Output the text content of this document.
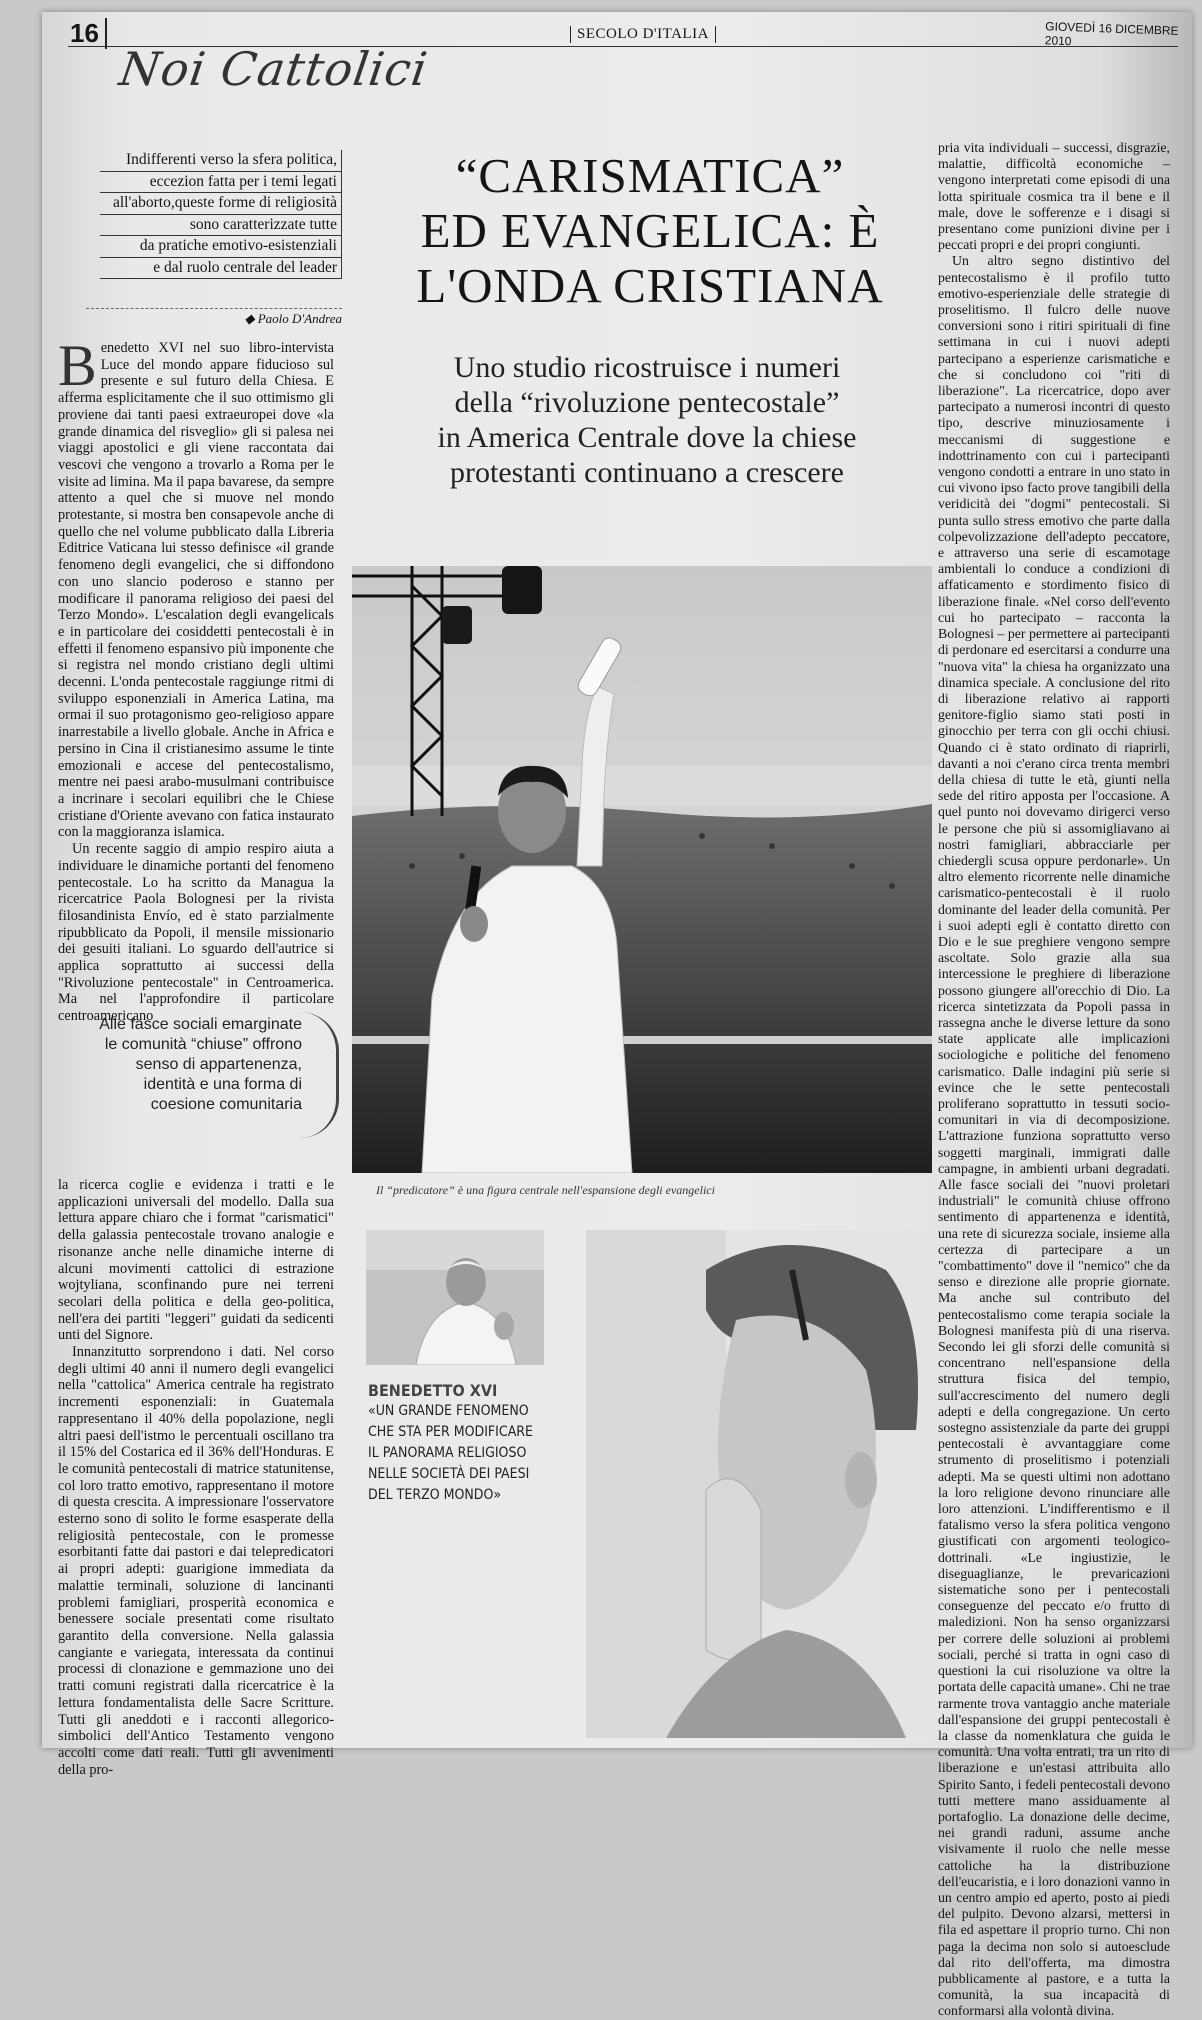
16
Noi Cattolici
SECOLO D'ITALIA	GIOVEDÌ 16 DICEMBRE 2010
Indifferenti verso la sfera politica,
eccezion fatta per i temi legati
all'aborto,queste forme di religiosità
sono caratterizzate tutte
da pratiche emotivo-esistenziali
e dal ruolo centrale del leader
◆ Paolo D'Andrea

Benedetto XVI nel suo libro-intervista Luce del mondo appare fiducioso sul presente e sul futuro della Chiesa. E afferma esplicitamente che il suo ottimismo gli proviene dai tanti paesi extraeuropei dove «la grande dinamica del risveglio» gli si palesa nei viaggi apostolici e gli viene raccontata dai vescovi che vengono a trovarlo a Roma per le visite ad limina. Ma il papa bavarese, da sempre attento a quel che si muove nel mondo protestante, si mostra ben consapevole anche di quello che nel volume pubblicato dalla Libreria Editrice Vaticana lui stesso definisce «il grande fenomeno degli evangelici, che si diffondono con uno slancio poderoso e stanno per modificare il panorama religioso dei paesi del Terzo Mondo». L'escalation degli evangelicals e in particolare dei cosiddetti pentecostali è in effetti il fenomeno espansivo più imponente che si registra nel mondo cristiano degli ultimi decenni. L'onda pentecostale raggiunge ritmi di sviluppo esponenziali in America Latina, ma ormai il suo protagonismo geo-religioso appare inarrestabile a livello globale. Anche in Africa e persino in Cina il cristianesimo assume le tinte emozionali e accese del pentecostalismo, mentre nei paesi arabo-musulmani contribuisce a incrinare i secolari equilibri che le Chiese cristiane d'Oriente avevano con fatica instaurato con la maggioranza islamica.

Un recente saggio di ampio respiro aiuta a individuare le dinamiche portanti del fenomeno pentecostale. Lo ha scritto da Managua la ricercatrice Paola Bolognesi per la rivista filosandinista Envío, ed è stato parzialmente ripubblicato da Popoli, il mensile missionario dei gesuiti italiani. Lo sguardo dell'autrice si applica soprattutto ai successi della "Rivoluzione pentecostale" in Centroamerica. Ma nel l'approfondire il particolare centroamericano

Alle fasce sociali emarginate le comunità “chiuse” offrono senso di appartenenza, identità e una forma di coesione comunitaria

la ricerca coglie e evidenza i tratti e le applicazioni universali del modello. Dalla sua lettura appare chiaro che i format "carismatici" della galassia pentecostale trovano analogie e risonanze anche nelle dinamiche interne di alcuni movimenti cattolici di estrazione wojtyliana, sconfinando pure nei terreni secolari della politica e della geo-politica, nell'era dei partiti "leggeri" guidati da sedicenti unti del Signore.

Innanzitutto sorprendono i dati. Nel corso degli ultimi 40 anni il numero degli evangelici nella "cattolica" America centrale ha registrato incrementi esponenziali: in Guatemala rappresentano il 40% della popolazione, negli altri paesi dell'istmo le percentuali oscillano tra il 15% del Costarica ed il 36% dell'Honduras. E le comunità pentecostali di matrice statunitense, col loro tratto emotivo, rappresentano il motore di questa crescita. A impressionare l'osservatore esterno sono di solito le forme esasperate della religiosità pentecostale, con le promesse esorbitanti fatte dai pastori e dai telepredicatori ai propri adepti: guarigione immediata da malattie terminali, soluzione di lancinanti problemi famigliari, prosperità economica e benessere sociale presentati come risultato garantito della conversione. Nella galassia cangiante e variegata, interessata da continui processi di clonazione e gemmazione uno dei tratti comuni registrati dalla ricercatrice è la lettura fondamentalista delle Sacre Scritture. Tutti gli aneddoti e i racconti allegorico-simbolici dell'Antico Testamento vengono accolti come dati reali. Tutti gli avvenimenti della pro-

“CARISMATICA”
ED EVANGELICA: È
L'ONDA CRISTIANA
Uno studio ricostruisce i numeri
della “rivoluzione pentecostale”
in America Centrale dove la chiese
protestanti continuano a crescere
Il “predicatore” è una figura centrale nell'espansione degli evangelici
BENEDETTO XVI
«UN GRANDE FENOMENO CHE STA PER MODIFICARE IL PANORAMA RELIGIOSO NELLE SOCIETÀ DEI PAESI DEL TERZO MONDO»

pria vita individuali – successi, disgrazie, malattie, difficoltà economiche – vengono interpretati come episodi di una lotta spirituale cosmica tra il bene e il male, dove le sofferenze e i disagi si presentano come punizioni divine per i peccati propri e dei propri congiunti.

Un altro segno distintivo del pentecostalismo è il profilo tutto emotivo-esperienziale delle strategie di proselitismo. Il fulcro delle nuove conversioni sono i ritiri spirituali di fine settimana in cui i nuovi adepti partecipano a esperienze carismatiche e che si concludono coi "riti di liberazione". La ricercatrice, dopo aver partecipato a numerosi incontri di questo tipo, descrive minuziosamente i meccanismi di suggestione e indottrinamento con cui i partecipanti vengono condotti a entrare in uno stato in cui vivono ipso facto prove tangibili della veridicità dei "dogmi" pentecostali. Si punta sullo stress emotivo che parte dalla colpevolizzazione dell'adepto peccatore, e attraverso una serie di escamotage ambientali lo conduce a condizioni di affaticamento e stordimento fisico di liberazione finale. «Nel corso dell'evento cui ho partecipato – racconta la Bolognesi – per permettere ai partecipanti di perdonare ed esercitarsi a condurre una "nuova vita" la chiesa ha organizzato una dinamica speciale. A conclusione del rito di liberazione relativo ai rapporti genitore-figlio siamo stati posti in ginocchio per terra con gli occhi chiusi. Quando ci è stato ordinato di riaprirli, davanti a noi c'erano circa trenta membri della chiesa di tutte le età, giunti nella sede del ritiro apposta per l'occasione. A quel punto noi dovevamo dirigerci verso le persone che più si assomigliavano ai nostri famigliari, abbracciarle per chiedergli scusa oppure perdonarle». Un altro elemento ricorrente nelle dinamiche carismatico-pentecostali è il ruolo dominante del leader della comunità. Per i suoi adepti egli è contatto diretto con Dio e le sue preghiere vengono sempre ascoltate. Solo grazie alla sua intercessione le preghiere di liberazione possono giungere all'orecchio di Dio. La ricerca sintetizzata da Popoli passa in rassegna anche le diverse letture da sono state applicate alle implicazioni sociologiche e politiche del fenomeno carismatico. Dalle indagini più serie si evince che le sette pentecostali proliferano soprattutto in tessuti socio-comunitari in via di decomposizione. L'attrazione funziona soprattutto verso soggetti marginali, immigrati dalle campagne, in ambienti urbani degradati. Alle fasce sociali dei "nuovi proletari industriali" le comunità chiuse offrono sentimento di appartenenza e identità, una rete di sicurezza sociale, insieme alla certezza di partecipare a un "combattimento" dove il "nemico" che da senso e direzione alle proprie giornate. Ma anche sul contributo del pentecostalismo come terapia sociale la Bolognesi manifesta più di una riserva. Secondo lei gli sforzi delle comunità si concentrano nell'espansione della struttura fisica del tempio, sull'accrescimento del numero degli adepti e della congregazione. Un certo sostegno assistenziale da parte dei gruppi pentecostali è avvantaggiare come strumento di proselitismo i potenziali adepti. Ma se questi ultimi non adottano la loro religione devono rinunciare alle loro attenzioni. L'indifferentismo e il fatalismo verso la sfera politica vengono giustificati con argomenti teologico-dottrinali. «Le ingiustizie, le diseguaglianze, le prevaricazioni sistematiche sono per i pentecostali conseguenze del peccato e/o frutto di maledizioni. Non ha senso organizzarsi per correre delle soluzioni ai problemi sociali, perché si tratta in ogni caso di questioni la cui risoluzione va oltre la portata delle capacità umane». Chi ne trae rarmente trova vantaggio anche materiale dall'espansione dei gruppi pentecostali è la classe da nomenklatura che guida le comunità. Una volta entrati, tra un rito di liberazione e un'estasi attribuita allo Spirito Santo, i fedeli pentecostali devono tutti mettere mano assiduamente al portafoglio. La donazione delle decime, nei grandi raduni, assume anche visivamente il ruolo che nelle messe cattoliche ha la distribuzione dell'eucaristia, e i loro donazioni vanno in un centro ampio ed aperto, posto ai piedi del pulpito. Devono alzarsi, mettersi in fila ed aspettare il proprio turno. Chi non paga la decima non solo si autoesclude dal rito dell'offerta, ma dimostra pubblicamente al pastore, e a tutta la comunità, la sua incapacità di conformarsi alla volontà divina.
